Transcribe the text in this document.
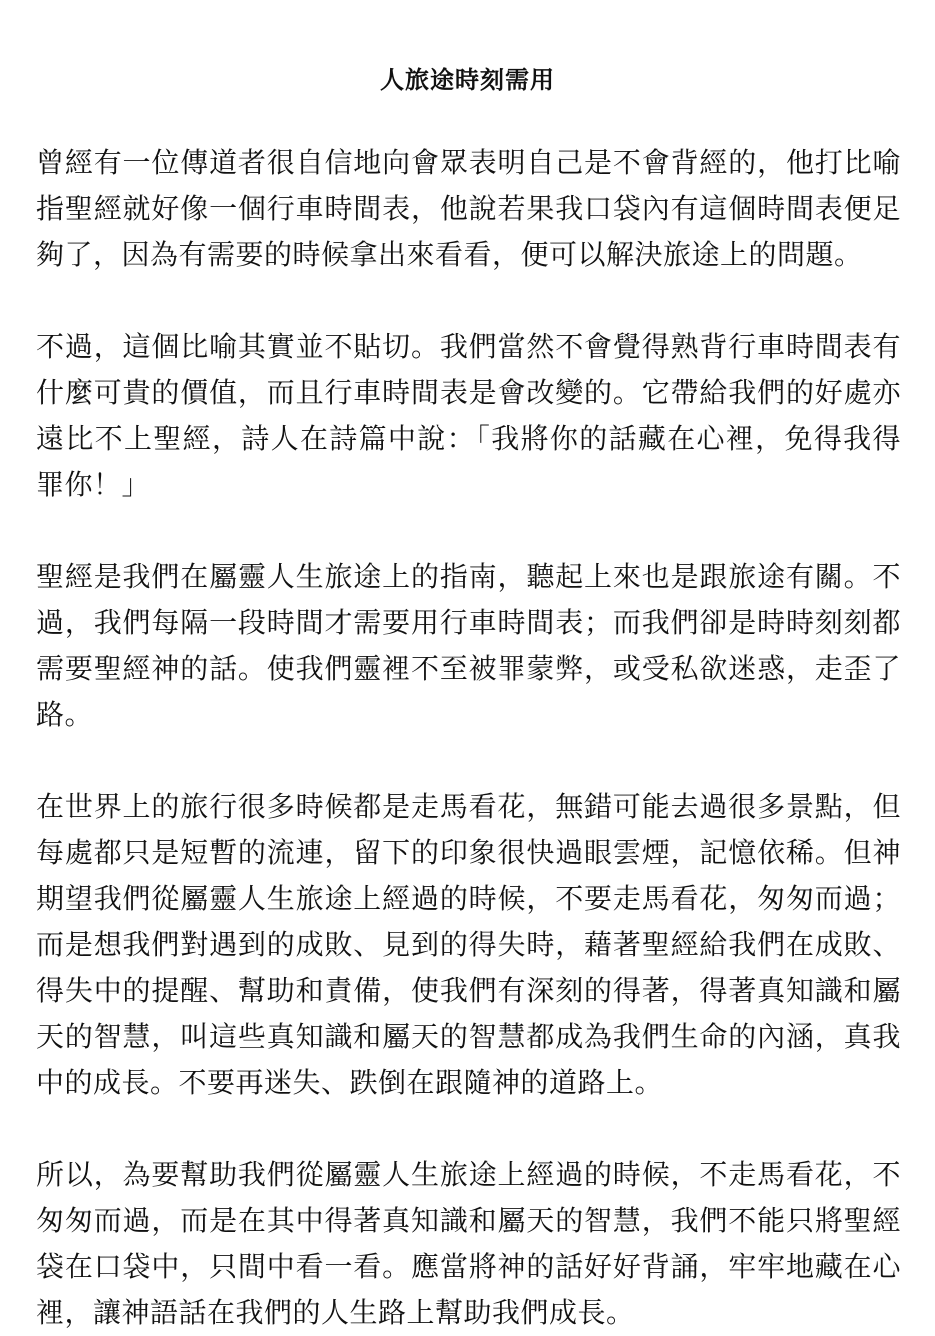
人旅途時刻需用

曾經有一位傳道者很自信地向會眾表明自己是不會背經的，他打比喻指聖經就好像一個行車時間表，他說若果我口袋內有這個時間表便足夠了，因為有需要的時候拿出來看看，便可以解決旅途上的問題。

不過，這個比喻其實並不貼切。我們當然不會覺得熟背行車時間表有什麼可貴的價值，而且行車時間表是會改變的。它帶給我們的好處亦遠比不上聖經，詩人在詩篇中說：「我將你的話藏在心裡，免得我得罪你！」

聖經是我們在屬靈人生旅途上的指南，聽起上來也是跟旅途有關。不過，我們每隔一段時間才需要用行車時間表；而我們卻是時時刻刻都需要聖經神的話。使我們靈裡不至被罪蒙弊，或受私欲迷惑，走歪了路。

在世界上的旅行很多時候都是走馬看花，無錯可能去過很多景點，但每處都只是短暫的流連，留下的印象很快過眼雲煙，記憶依稀。但神期望我們從屬靈人生旅途上經過的時候，不要走馬看花，匆匆而過；而是想我們對遇到的成敗、見到的得失時，藉著聖經給我們在成敗、得失中的提醒、幫助和責備，使我們有深刻的得著，得著真知識和屬天的智慧，叫這些真知識和屬天的智慧都成為我們生命的內涵，真我中的成長。不要再迷失、跌倒在跟隨神的道路上。

所以，為要幫助我們從屬靈人生旅途上經過的時候，不走馬看花，不匆匆而過，而是在其中得著真知識和屬天的智慧，我們不能只將聖經袋在口袋中，只間中看一看。應當將神的話好好背誦，牢牢地藏在心裡，讓神語話在我們的人生路上幫助我們成長。
